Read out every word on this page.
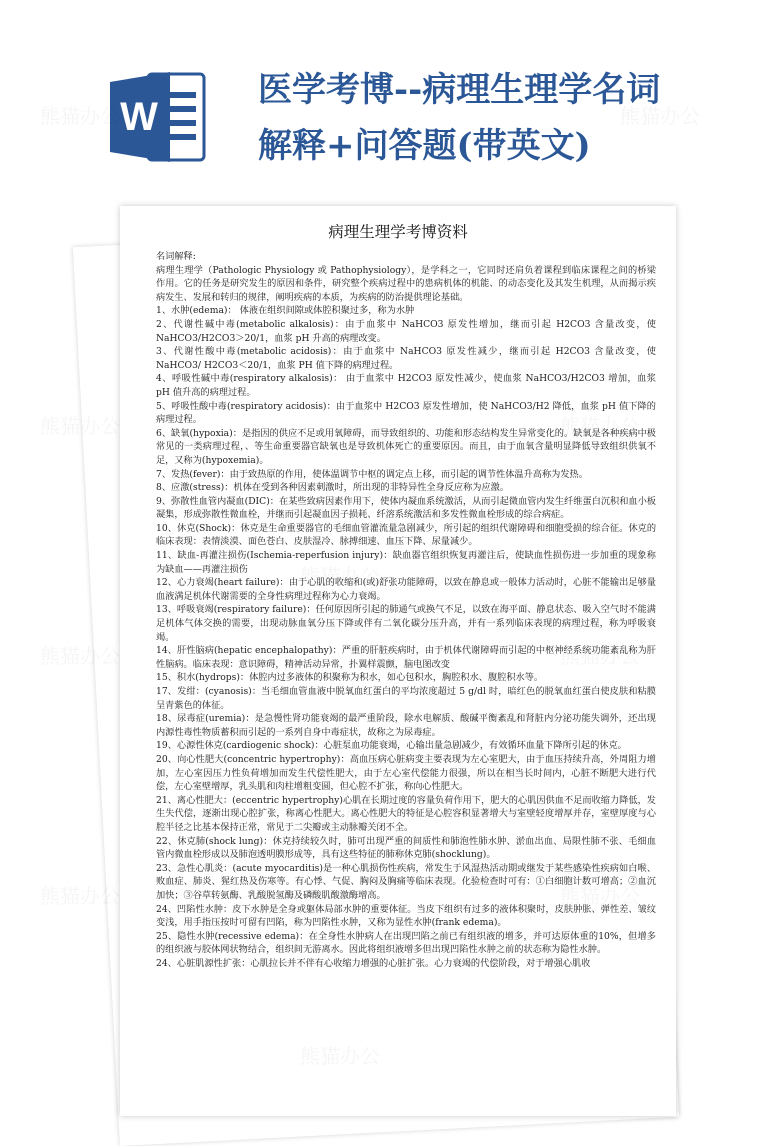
W
医学考博--病理生理学名词
解释+问答题(带英文)
病理生理学考博资料

名词解释:

病理生理学（Pathologic Physiology 或 Pathophysiology），是学科之一，它同时还肩负着课程到临床课程之间的桥梁作用。它的任务是研究发生的原因和条件，研究整个疾病过程中的患病机体的机能、的动态变化及其发生机理，从而揭示疾病发生、发展和转归的规律，阐明疾病的本质，为疾病的防治提供理论基础。

1、水肿(edema)： 体液在组织间隙或体腔积聚过多，称为水肿

2、代谢性碱中毒(metabolic alkalosis)：由于血浆中 NaHCO3 原发性增加，继而引起 H2CO3 含量改变，使 NaHCO3/H2CO3＞20/1，血浆 pH 升高的病理改变。

3、代谢性酸中毒(metabolic acidosis)：由于血浆中 NaHCO3 原发性减少，继而引起 H2CO3 含量改变，使 NaHCO3/ H2CO3＜20/1，血浆 PH 值下降的病理过程。

4、呼吸性碱中毒(respiratory alkalosis)： 由于血浆中 H2CO3 原发性减少，使血浆 NaHCO3/H2CO3 增加，血浆 pH 值升高的病理过程。

5、呼吸性酸中毒(respiratory acidosis)：由于血浆中 H2CO3 原发性增加，使 NaHCO3/H2 降低，血浆 pH 值下降的病理过程。

6、缺氧(hypoxia)：是指因的供应不足或用氧障碍，而导致组织的、功能和形态结构发生异常变化的。缺氧是各种疾病中极常见的一类病理过程，、等生命重要器官缺氧也是导致机体死亡的重要原因。而且，由于血氧含量明显降低导致组织供氧不足，又称为(hypoxemia)。

7、发热(fever)：由于致热原的作用，使体温调节中枢的调定点上移，而引起的调节性体温升高称为发热。

8、应激(stress)：机体在受到各种因素刺激时，所出现的非特异性全身反应称为应激。

9、弥散性血管内凝血(DIC)：在某些致病因素作用下，使体内凝血系统激活，从而引起微血管内发生纤维蛋白沉积和血小板凝集，形成弥散性微血栓，并继而引起凝血因子损耗、纤溶系统激活和多发性微血栓形成的综合病症。

10、休克(Shock)：休克是生命重要器官的毛细血管灌流量急剧减少，所引起的组织代谢障碍和细胞受损的综合征。休克的临床表现：表情淡漠、面色苍白、皮肤湿冷、脉搏细速、血压下降、尿量减少。

11、缺血-再灌注损伤(Ischemia-reperfusion injury)：缺血器官组织恢复再灌注后，使缺血性损伤进一步加重的现象称为缺血——再灌注损伤

12、心力衰竭(heart failure)：由于心肌的收缩和(或)舒张功能障碍，以致在静息或一般体力活动时，心脏不能输出足够量血液满足机体代谢需要的全身性病理过程称为心力衰竭。

13、呼吸衰竭(respiratory failure)：任何原因所引起的肺通气或换气不足，以致在海平面、静息状态、吸入空气时不能满足机体气体交换的需要，出现动脉血氧分压下降或伴有二氧化碳分压升高，并有一系列临床表现的病理过程，称为呼吸衰竭。

14、肝性脑病(hepatic encephalopathy)：严重的肝脏疾病时，由于机体代谢障碍而引起的中枢神经系统功能紊乱称为肝性脑病。临床表现：意识障碍，精神活动异常，扑翼样震颤，脑电图改变

15、积水(hydrops)：体腔内过多液体的积聚称为积水，如心包积水，胸腔积水、腹腔积水等。

17、发绀：(cyanosis)：当毛细血管血液中脱氧血红蛋白的平均浓度超过 5 g/dl 时，暗红色的脱氧血红蛋白使皮肤和粘膜呈青紫色的体征。

18、尿毒症(uremia)：是急慢性肾功能衰竭的最严重阶段，除水电解质、酸碱平衡紊乱和肾脏内分泌功能失调外，还出现内源性毒性物质蓄积而引起的一系列自身中毒症状，故称之为尿毒症。

19、心源性休克(cardiogenic shock)：心脏泵血功能衰竭，心输出量急剧减少，有效循环血量下降所引起的休克。

20、向心性肥大(concentric hypertrophy)：高血压病心脏病变主要表现为左心室肥大，由于血压持续升高，外周阻力增加，左心室因压力性负荷增加而发生代偿性肥大，由于左心室代偿能力很强，所以在相当长时间内，心脏不断肥大进行代偿，左心室壁增厚，乳头肌和肉柱增粗变圆，但心腔不扩张，称向心性肥大。

21、离心性肥大：(eccentric hypertrophy)心肌在长期过度的容量负荷作用下，肥大的心肌因供血不足而收缩力降低，发生失代偿，逐渐出现心腔扩张，称离心性肥大。离心性肥大的特征是心腔容积显著增大与室壁轻度增厚并存，室壁厚度与心腔半径之比基本保持正常，常见于二尖瓣或主动脉瓣关闭不全。

22、休克肺(shock lung)：休克持续较久时，肺可出现严重的间质性和肺泡性肺水肿、淤血出血、局限性肺不张、毛细血管内微血栓形成以及肺泡透明膜形成等，具有这些特征的肺称休克肺(shocklung)。

23、急性心肌炎：(acute myocarditis)是一种心肌损伤性疾病，常发生于风湿热活动期或继发于某些感染性疾病如白喉、败血症、肺炎、猩红热及伤寒等。有心悸、气促、胸闷及胸痛等临床表现。化验检查时可有：①白细胞计数可增高；②血沉加快；③谷草转氨酶、乳酸脱氢酶及磷酸肌酸激酶增高。

24、凹陷性水肿：皮下水肿是全身或躯体局部水肿的重要体征。当皮下组织有过多的液体积聚时，皮肤肿胀、弹性差、皱纹变浅，用手指压按时可留有凹陷，称为凹陷性水肿，又称为显性水肿(frank edema)。

25、隐性水肿(recessive edema)：在全身性水肿病人在出现凹陷之前已有组织液的增多，并可达原体重的10%，但增多的组织液与胶体网状物结合，组织间无游离水。因此将组织液增多但出现凹陷性水肿之前的状态称为隐性水肿。

24、心脏肌源性扩张：心肌拉长并不伴有心收缩力增强的心脏扩张。心力衰竭的代偿阶段，对于增强心肌收
